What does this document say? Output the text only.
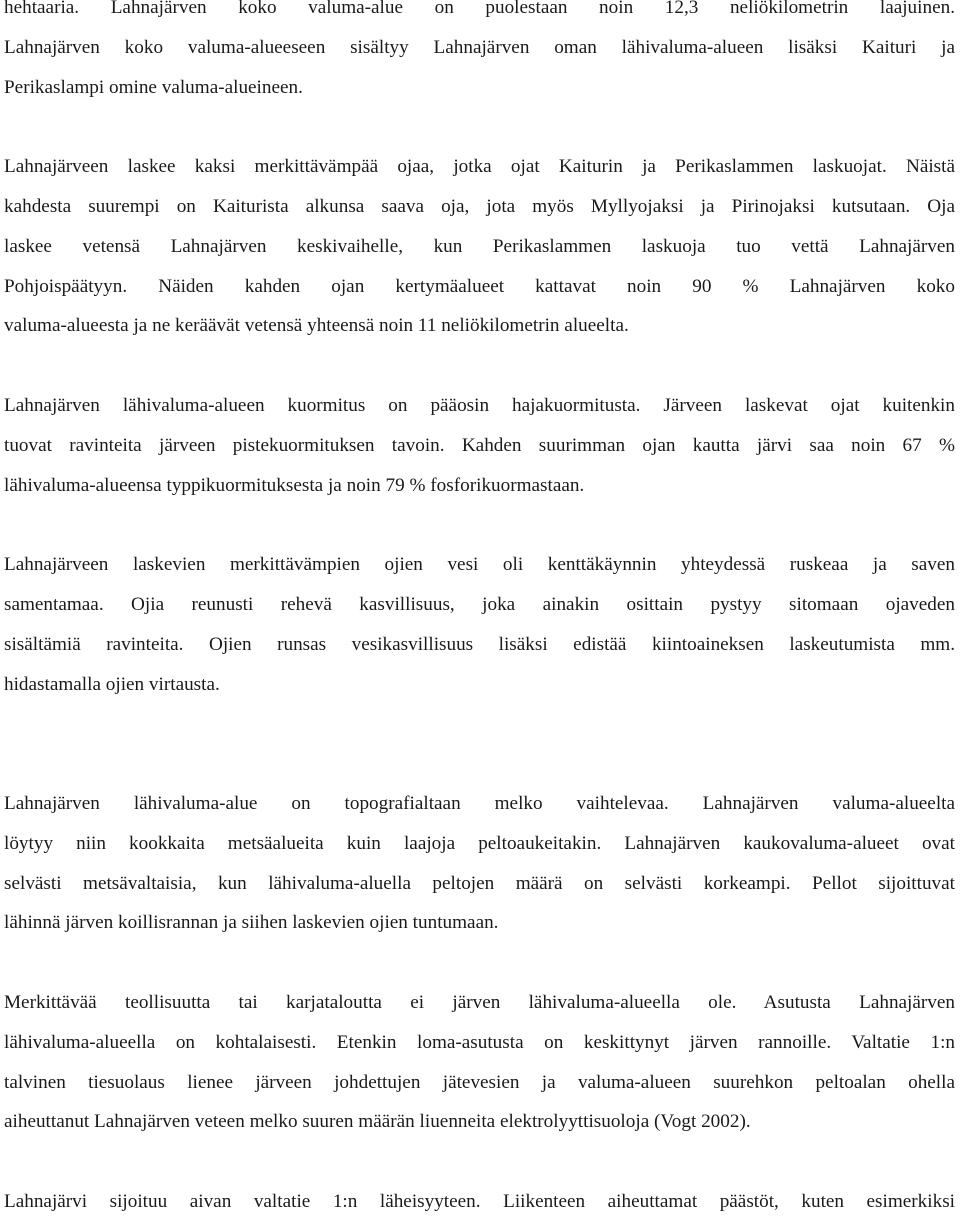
hehtaaria. Lahnajärven koko valuma-alue on puolestaan noin 12,3 neliökilometrin laajuinen.
Lahnajärven koko valuma-alueeseen sisältyy Lahnajärven oman lähivaluma-alueen lisäksi Kaituri ja
Perikaslampi omine valuma-alueineen.
Lahnajärveen laskee kaksi merkittävämpää ojaa, jotka ojat Kaiturin ja Perikaslammen laskuojat. Näistä
kahdesta suurempi on Kaiturista alkunsa saava oja, jota myös Myllyojaksi ja Pirinojaksi kutsutaan. Oja
laskee vetensä Lahnajärven keskivaihelle, kun Perikaslammen laskuoja tuo vettä Lahnajärven
Pohjoispäätyyn. Näiden kahden ojan kertymäalueet kattavat noin 90 % Lahnajärven koko
valuma-alueesta ja ne keräävät vetensä yhteensä noin 11 neliökilometrin alueelta.
Lahnajärven lähivaluma-alueen kuormitus on pääosin hajakuormitusta. Järveen laskevat ojat kuitenkin
tuovat ravinteita järveen pistekuormituksen tavoin. Kahden suurimman ojan kautta järvi saa noin 67 %
lähivaluma-alueensa typpikuormituksesta ja noin 79 % fosforikuormastaan.
Lahnajärveen laskevien merkittävämpien ojien vesi oli kenttäkäynnin yhteydessä ruskeaa ja saven
samentamaa. Ojia reunusti rehevä kasvillisuus, joka ainakin osittain pystyy sitomaan ojaveden
sisältämiä ravinteita. Ojien runsas vesikasvillisuus lisäksi edistää kiintoaineksen laskeutumista mm.
hidastamalla ojien virtausta.
Lahnajärven lähivaluma-alue on topografialtaan melko vaihtelevaa. Lahnajärven valuma-alueelta
löytyy niin kookkaita metsäalueita kuin laajoja peltoaukeitakin. Lahnajärven kaukovaluma-alueet ovat
selvästi metsävaltaisia, kun lähivaluma-aluella peltojen määrä on selvästi korkeampi. Pellot sijoittuvat
lähinnä järven koillisrannan ja siihen laskevien ojien tuntumaan.
Merkittävää teollisuutta tai karjataloutta ei järven lähivaluma-alueella ole. Asutusta Lahnajärven
lähivaluma-alueella on kohtalaisesti. Etenkin loma-asutusta on keskittynyt järven rannoille. Valtatie 1:n
talvinen tiesuolaus lienee järveen johdettujen jätevesien ja valuma-alueen suurehkon peltoalan ohella
aiheuttanut Lahnajärven veteen melko suuren määrän liuenneita elektrolyyttisuoloja (Vogt 2002).
Lahnajärvi sijoituu aivan valtatie 1:n läheisyyteen. Liikenteen aiheuttamat päästöt, kuten esimerkiksi
